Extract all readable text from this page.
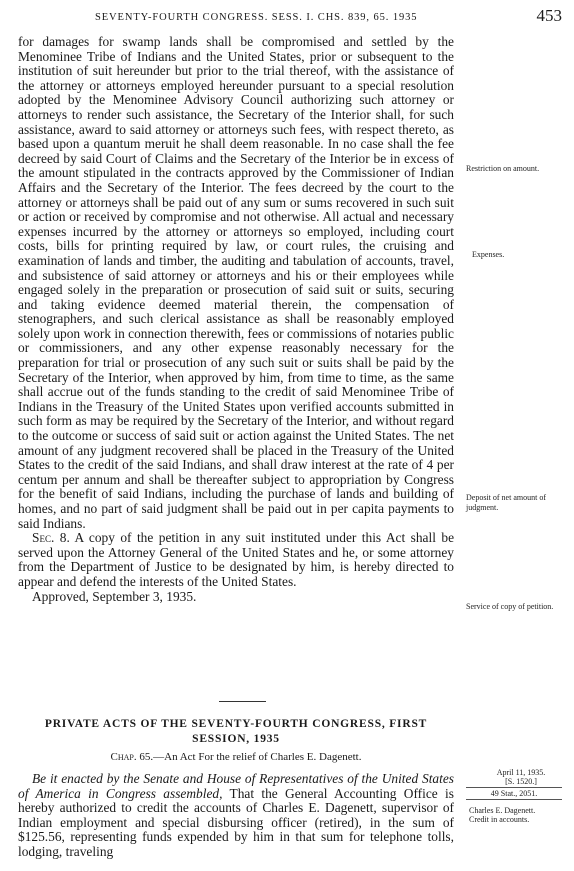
SEVENTY-FOURTH CONGRESS. SESS. I. CHS. 839, 65. 1935	453

for damages for swamp lands shall be compromised and settled by the Menominee Tribe of Indians and the United States, prior or subsequent to the institution of suit hereunder but prior to the trial thereof, with the assistance of the attorney or attorneys employed hereunder pursuant to a special resolution adopted by the Menominee Advisory Council authorizing such attorney or attorneys to render such assistance, the Secretary of the Interior shall, for such assistance, award to said attorney or attorneys such fees, with respect thereto, as based upon a quantum meruit he shall deem reasonable. In no case shall the fee decreed by said Court of Claims and the Secretary of the Interior be in excess of the amount stipulated in the contracts approved by the Commissioner of Indian Affairs and the Secretary of the Interior. The fees decreed by the court to the attorney or attorneys shall be paid out of any sum or sums recovered in such suit or action or received by compromise and not otherwise. All actual and necessary expenses incurred by the attorney or attorneys so employed, including court costs, bills for printing required by law, or court rules, the cruising and examination of lands and timber, the auditing and tabulation of accounts, travel, and subsistence of said attorney or attorneys and his or their employees while engaged solely in the preparation or prosecution of said suit or suits, securing and taking evidence deemed material therein, the compensation of stenographers, and such clerical assistance as shall be reasonably employed solely upon work in connection therewith, fees or commissions of notaries public or commissioners, and any other expense reasonably necessary for the preparation for trial or prosecution of any such suit or suits shall be paid by the Secretary of the Interior, when approved by him, from time to time, as the same shall accrue out of the funds standing to the credit of said Menominee Tribe of Indians in the Treasury of the United States upon verified accounts submitted in such form as may be required by the Secretary of the Interior, and without regard to the outcome or success of said suit or action against the United States. The net amount of any judgment recovered shall be placed in the Treasury of the United States to the credit of the said Indians, and shall draw interest at the rate of 4 per centum per annum and shall be thereafter subject to appropriation by Congress for the benefit of said Indians, including the purchase of lands and building of homes, and no part of said judgment shall be paid out in per capita payments to said Indians.

Sec. 8. A copy of the petition in any suit instituted under this Act shall be served upon the Attorney General of the United States and he, or some attorney from the Department of Justice to be designated by him, is hereby directed to appear and defend the interests of the United States.

Approved, September 3, 1935.

Restriction on amount.
Expenses.
Deposit of net amount of judgment.
Service of copy of petition.
PRIVATE ACTS OF THE SEVENTY-FOURTH CONGRESS, FIRST
SESSION, 1935
Chap. 65.—An Act For the relief of Charles E. Dagenett.
April 11, 1935.
[S. 1520.]
49 Stat., 2051.
Charles E. Dagenett.
Credit in accounts.

Be it enacted by the Senate and House of Representatives of the United States of America in Congress assembled, That the General Accounting Office is hereby authorized to credit the accounts of Charles E. Dagenett, supervisor of Indian employment and special disbursing officer (retired), in the sum of $125.56, representing funds expended by him in that sum for telephone tolls, lodging, traveling
